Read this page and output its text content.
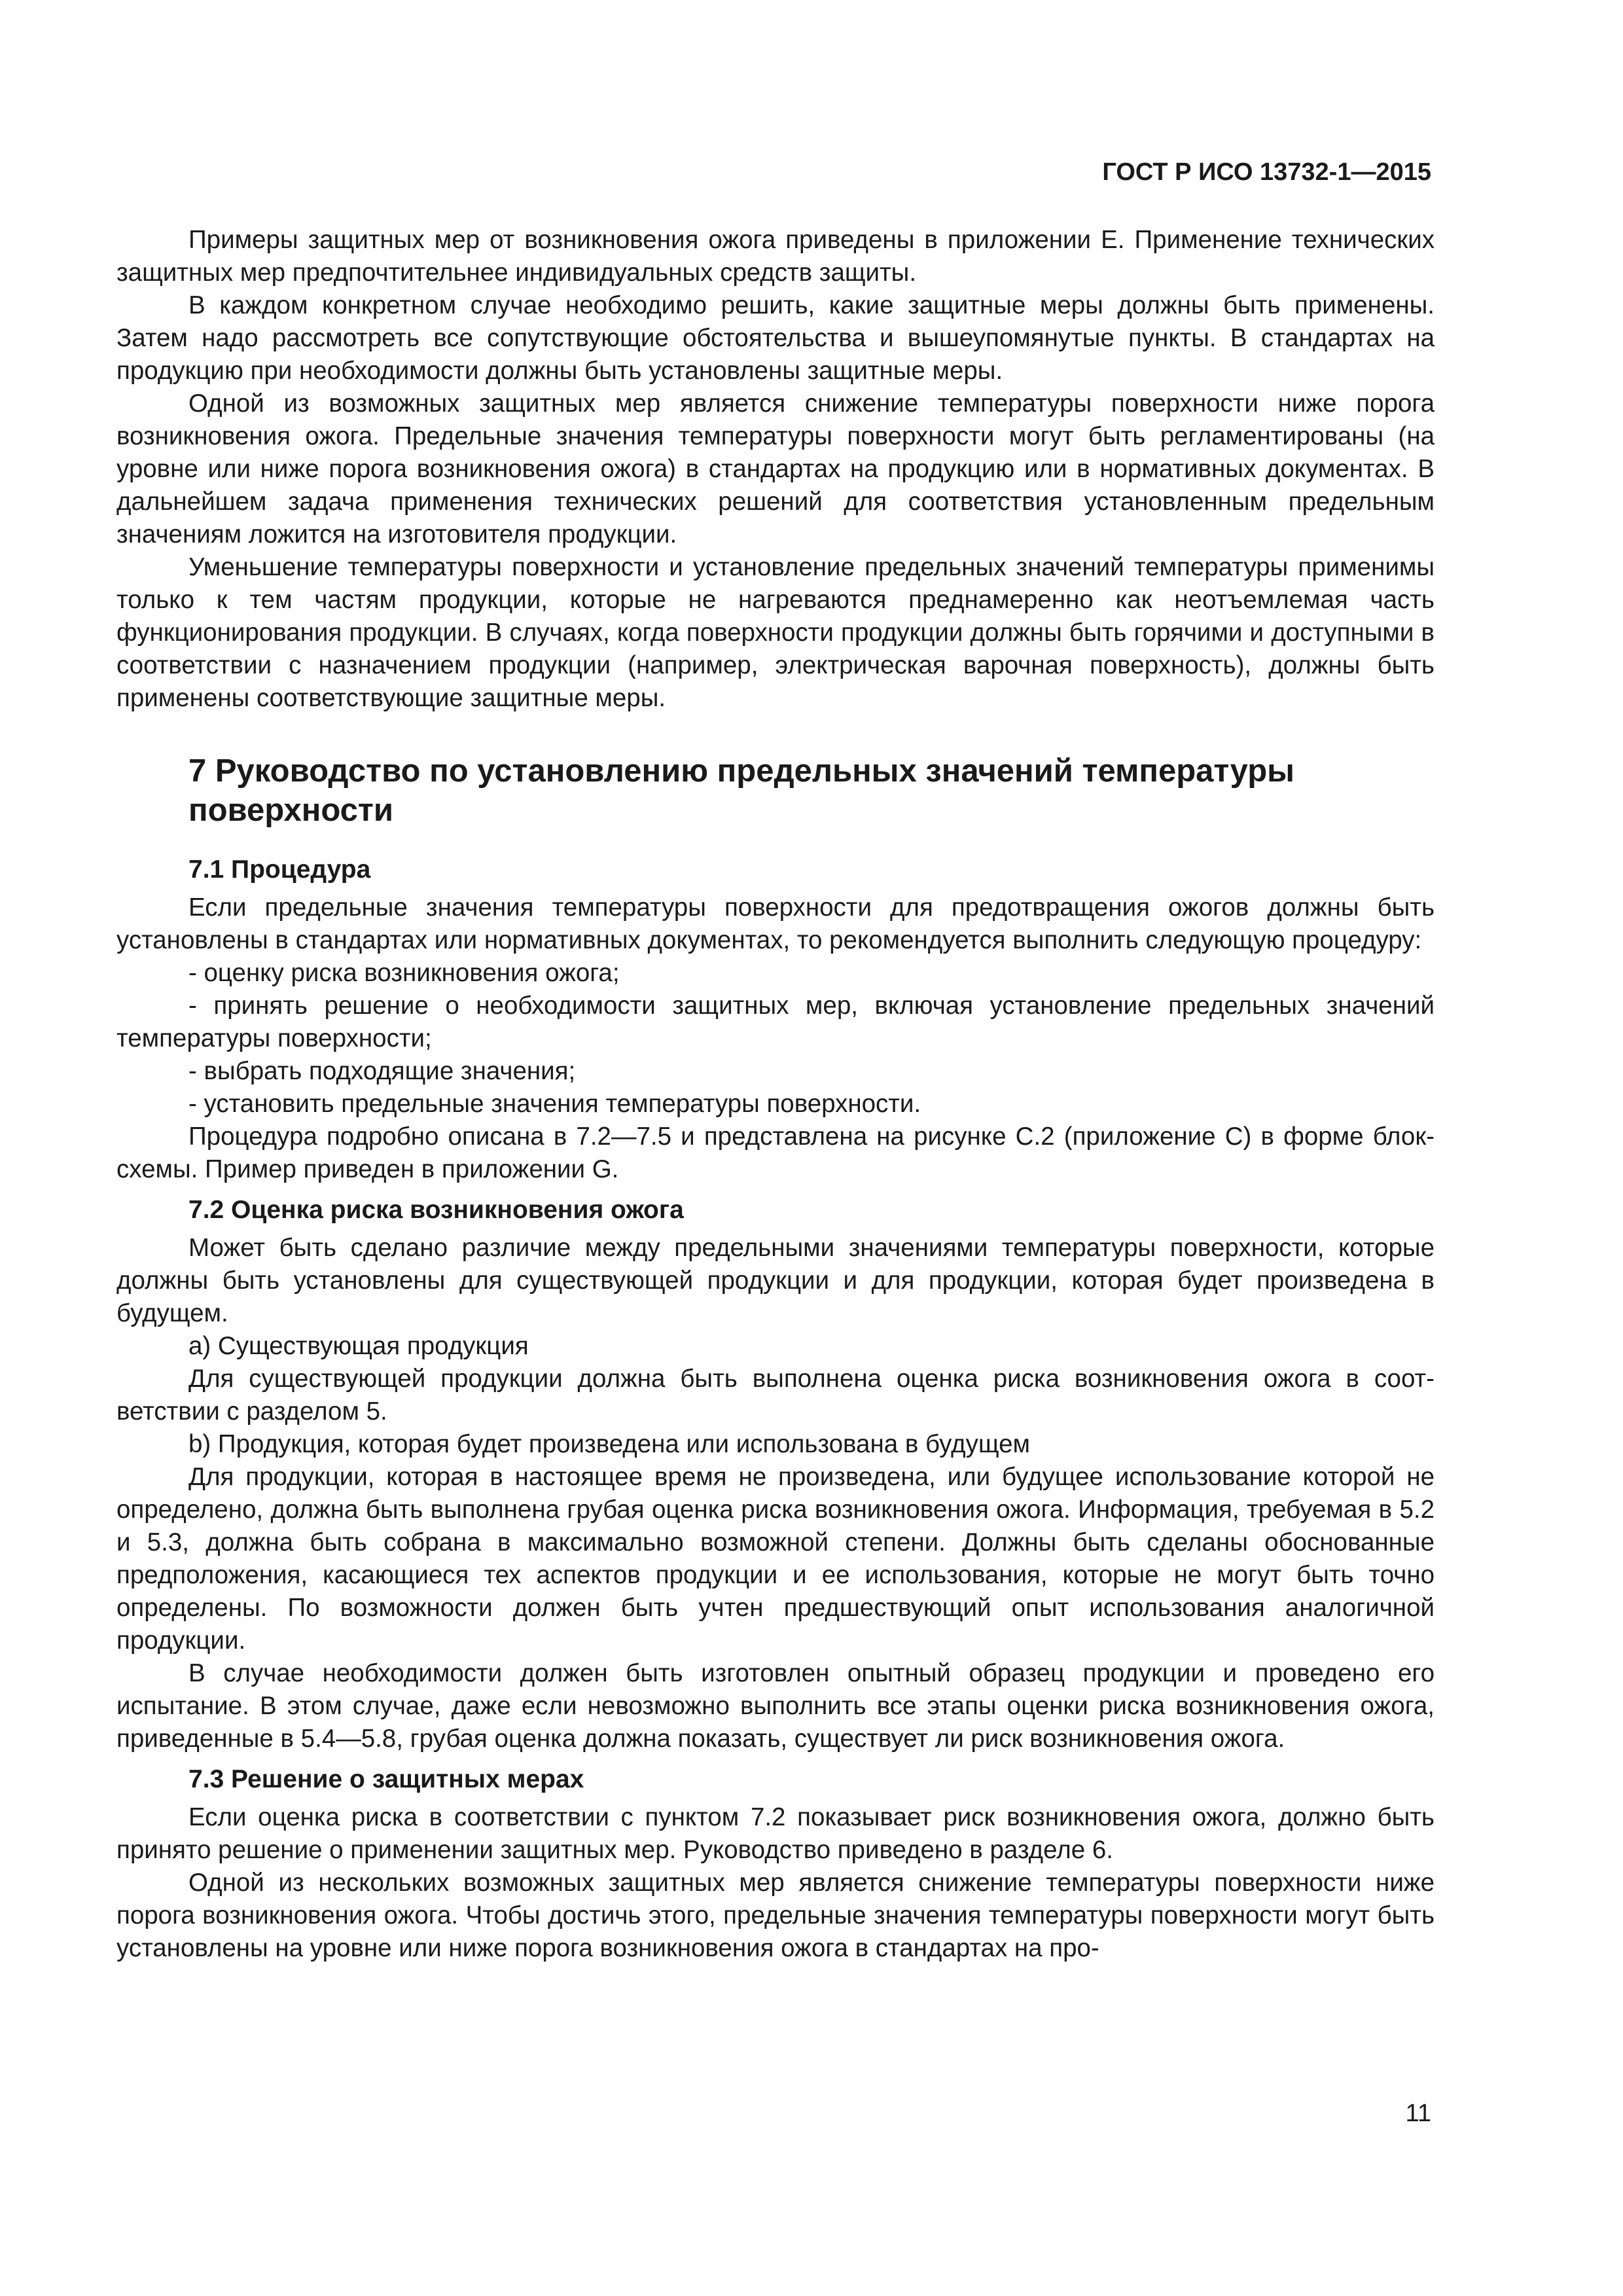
ГОСТ Р ИСО 13732-1—2015

Примеры защитных мер от возникновения ожога приведены в приложении Е. Применение технических защитных мер предпочтительнее индивидуальных средств защиты.

В каждом конкретном случае необходимо решить, какие защитные меры должны быть применены. Затем надо рассмотреть все сопутствующие обстоятельства и вышеупомянутые пункты. В стандартах на продукцию при необходимости должны быть установлены защитные меры.

Одной из возможных защитных мер является снижение температуры поверхности ниже порога возникновения ожога. Предельные значения температуры поверхности могут быть регламентированы (на уровне или ниже порога возникновения ожога) в стандартах на продукцию или в нормативных документах. В дальнейшем задача применения технических решений для соответствия установленным предельным значениям ложится на изготовителя продукции.

Уменьшение температуры поверхности и установление предельных значений температуры применимы только к тем частям продукции, которые не нагреваются преднамеренно как неотъемлемая часть функционирования продукции. В случаях, когда поверхности продукции должны быть горячими и доступными в соответствии с назначением продукции (например, электрическая варочная поверхность), должны быть применены соответствующие защитные меры.

7 Руководство по установлению предельных значений температуры поверхности
7.1 Процедура

Если предельные значения температуры поверхности для предотвращения ожогов должны быть установлены в стандартах или нормативных документах, то рекомендуется выполнить следующую процедуру:

- оценку риска возникновения ожога;

- принять решение о необходимости защитных мер, включая установление предельных значений температуры поверхности;

- выбрать подходящие значения;

- установить предельные значения температуры поверхности.

Процедура подробно описана в 7.2—7.5 и представлена на рисунке С.2 (приложение С) в форме блок-схемы. Пример приведен в приложении G.

7.2 Оценка риска возникновения ожога

Может быть сделано различие между предельными значениями температуры поверхности, которые должны быть установлены для существующей продукции и для продукции, которая будет произведена в будущем.

a) Существующая продукция

Для существующей продукции должна быть выполнена оценка риска возникновения ожога в соответствии с разделом 5.

b) Продукция, которая будет произведена или использована в будущем

Для продукции, которая в настоящее время не произведена, или будущее использование которой не определено, должна быть выполнена грубая оценка риска возникновения ожога. Информация, требуемая в 5.2 и 5.3, должна быть собрана в максимально возможной степени. Должны быть сделаны обоснованные предположения, касающиеся тех аспектов продукции и ее использования, которые не могут быть точно определены. По возможности должен быть учтен предшествующий опыт использования аналогичной продукции.

В случае необходимости должен быть изготовлен опытный образец продукции и проведено его испытание. В этом случае, даже если невозможно выполнить все этапы оценки риска возникновения ожога, приведенные в 5.4—5.8, грубая оценка должна показать, существует ли риск возникновения ожога.

7.3 Решение о защитных мерах

Если оценка риска в соответствии с пунктом 7.2 показывает риск возникновения ожога, должно быть принято решение о применении защитных мер. Руководство приведено в разделе 6.

Одной из нескольких возможных защитных мер является снижение температуры поверхности ниже порога возникновения ожога. Чтобы достичь этого, предельные значения температуры поверхности могут быть установлены на уровне или ниже порога возникновения ожога в стандартах на про-

11
